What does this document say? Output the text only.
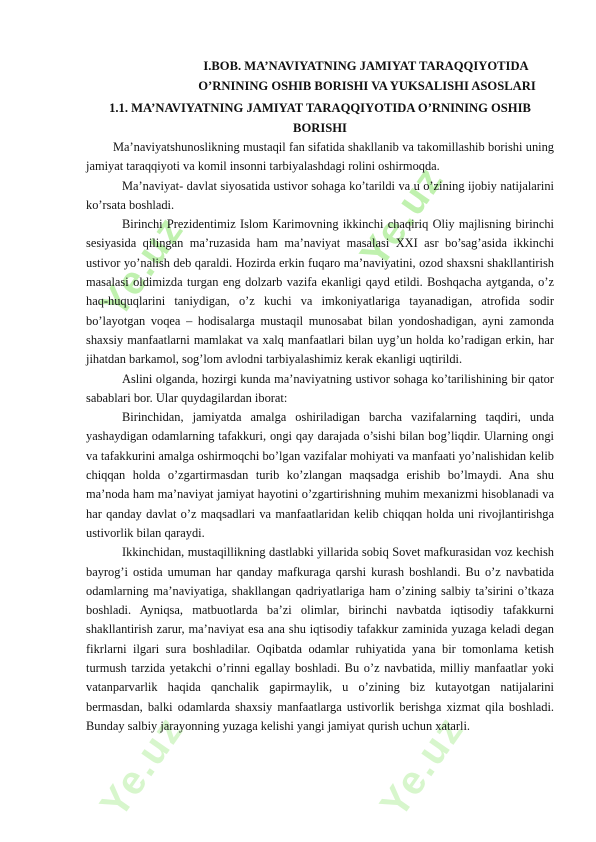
Ye.uz	Ye.uz
Ye.uz	Ye.uz
I.BOB. MA’NAVIYATNING JAMIYAT TARAQQIYOTIDA
O’RNINING OSHIB BORISHI VA YUKSALISHI ASOSLARI
1.1. MA’NAVIYATNING JAMIYAT TARAQQIYOTIDA O’RNINING OSHIB BORISHI

Ma’naviyatshunoslikning mustaqil fan sifatida shakllanib va takomillashib borishi uning jamiyat taraqqiyoti va komil insonni tarbiyalashdagi rolini oshirmoqda.

Ma’naviyat- davlat siyosatida ustivor sohaga ko’tarildi va u o’zining ijobiy natijalarini ko’rsata boshladi.

Birinchi Prezidentimiz Islom Karimovning ikkinchi chaqiriq Oliy majlisning birinchi sesiyasida qilingan ma’ruzasida ham ma’naviyat masalasi XXI asr bo’sag’asida ikkinchi ustivor yo’nalish deb qaraldi. Hozirda erkin fuqaro ma’naviyatini, ozod shaxsni shakllantirish masalasi oldimizda turgan eng dolzarb vazifa ekanligi qayd etildi. Boshqacha aytganda, o’z haq-huquqlarini taniydigan, o’z kuchi va imkoniyatlariga tayanadigan, atrofida sodir bo’layotgan voqea – hodisalarga mustaqil munosabat bilan yondoshadigan, ayni zamonda shaxsiy manfaatlarni mamlakat va xalq manfaatlari bilan uyg’un holda ko’radigan erkin, har jihatdan barkamol, sog’lom avlodni tarbiyalashimiz kerak ekanligi uqtirildi.

Aslini olganda, hozirgi kunda ma’naviyatning ustivor sohaga ko’tarilishining bir qator sabablari bor. Ular quydagilardan iborat:

Birinchidan, jamiyatda amalga oshiriladigan barcha vazifalarning taqdiri, unda yashaydigan odamlarning tafakkuri, ongi qay darajada o’sishi bilan bog’liqdir. Ularning ongi va tafakkurini amalga oshirmoqchi bo’lgan vazifalar mohiyati va manfaati yo’nalishidan kelib chiqqan holda o’zgartirmasdan turib ko’zlangan maqsadga erishib bo’lmaydi. Ana shu ma’noda ham ma’naviyat jamiyat hayotini o’zgartirishning muhim mexanizmi hisoblanadi va har qanday davlat o’z maqsadlari va manfaatlaridan kelib chiqqan holda uni rivojlantirishga ustivorlik bilan qaraydi.

Ikkinchidan, mustaqillikning dastlabki yillarida sobiq Sovet mafkurasidan voz kechish bayrog’i ostida umuman har qanday mafkuraga qarshi kurash boshlandi. Bu o’z navbatida odamlarning ma’naviyatiga, shakllangan qadriyatlariga ham o’zining salbiy ta’sirini o’tkaza boshladi. Ayniqsa, matbuotlarda ba’zi olimlar, birinchi navbatda iqtisodiy tafakkurni shakllantirish zarur, ma’naviyat esa ana shu iqtisodiy tafakkur zaminida yuzaga keladi degan fikrlarni ilgari sura boshladilar. Oqibatda odamlar ruhiyatida yana bir tomonlama ketish turmush tarzida yetakchi o’rinni egallay boshladi. Bu o’z navbatida, milliy manfaatlar yoki vatanparvarlik haqida qanchalik gapirmaylik, u o’zining biz kutayotgan natijalarini bermasdan, balki odamlarda shaxsiy manfaatlarga ustivorlik berishga xizmat qila boshladi. Bunday salbiy jarayonning yuzaga kelishi yangi jamiyat qurish uchun xatarli.
